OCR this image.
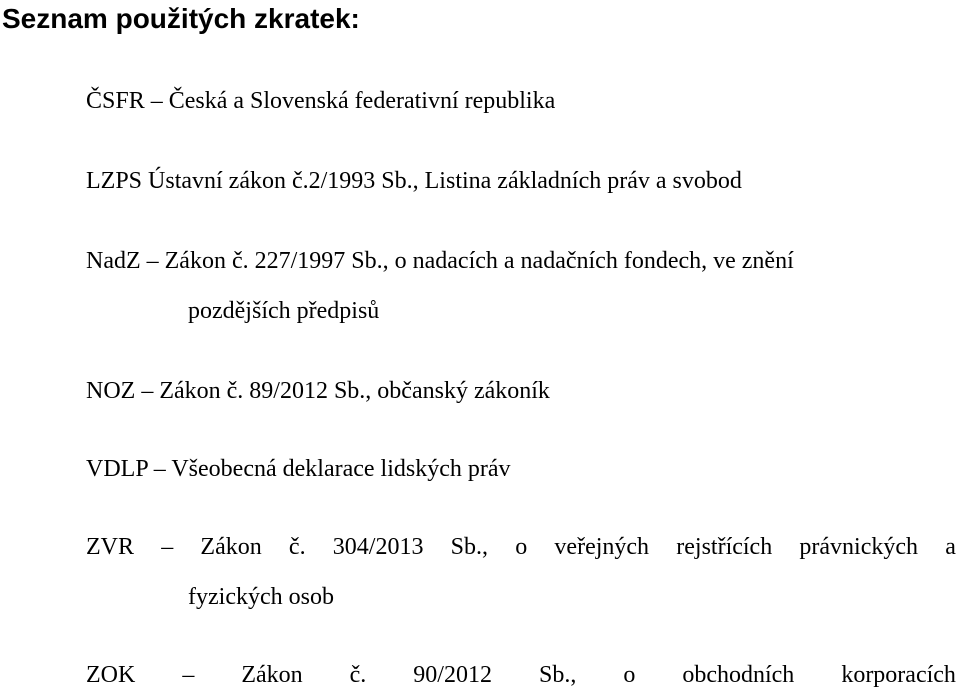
Seznam použitých zkratek:
ČSFR – Česká a Slovenská federativní republika
LZPS Ústavní zákon č.2/1993 Sb., Listina základních práv a svobod
NadZ – Zákon č. 227/1997 Sb., o nadacích a nadačních fondech, ve znění
pozdějších předpisů
NOZ – Zákon č. 89/2012 Sb., občanský zákoník
VDLP – Všeobecná deklarace lidských práv
ZVR – Zákon č. 304/2013 Sb., o veřejných rejstřících právnických a
fyzických osob
ZOK – Zákon č. 90/2012 Sb., o obchodních korporacích
